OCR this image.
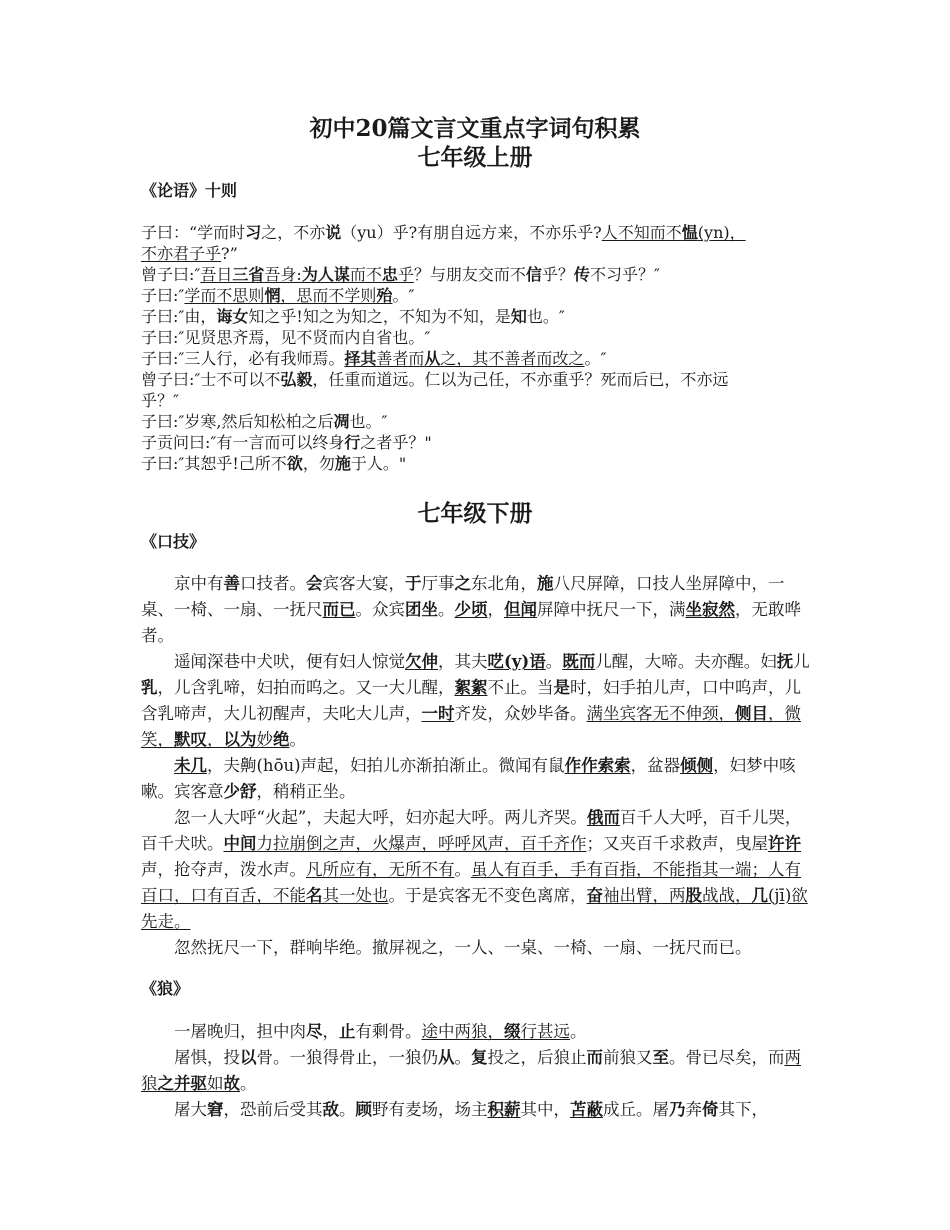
初中20篇文言文重点字词句积累
七年级上册
《论语》十则

子曰：“学而时习之，不亦说（yu）乎?有朋自远方来，不亦乐乎?人不知而不愠(yn)，

不亦君子乎?”

曾子曰:″吾日三省吾身:为人谋而不忠乎？与朋友交而不信乎？传不习乎？″

子曰:″学而不思则惘，思而不学则殆。″

子曰:″由，诲女知之乎!知之为知之，不知为不知，是知也。″

子曰:″见贤思齐焉，见不贤而内自省也。″

子曰:″三人行，必有我师焉。择其善者而从之，其不善者而改之。″

曾子曰:″士不可以不弘毅，任重而道远。仁以为己任，不亦重乎？死而后已，不亦远

乎？″

子曰:″岁寒,然后知松柏之后凋也。″

子贡问曰:″有一言而可以终身行之者乎？"

子曰:″其恕乎!己所不欲，勿施于人。"

七年级下册
《口技》

京中有善口技者。会宾客大宴，于厅事之东北角，施八尺屏障，口技人坐屏障中，一桌、一椅、一扇、一抚尺而已。众宾团坐。少顷，但闻屏障中抚尺一下，满坐寂然，无敢哗者。

遥闻深巷中犬吠，便有妇人惊觉欠伸，其夫呓(y)语。既而儿醒，大啼。夫亦醒。妇抚儿乳，儿含乳啼，妇拍而呜之。又一大儿醒，絮絮不止。当是时，妇手拍儿声，口中呜声，儿含乳啼声，大儿初醒声，夫叱大儿声，一时齐发，众妙毕备。满坐宾客无不伸颈，侧目，微笑，默叹，以为妙绝。

未几，夫齁(hōu)声起，妇拍儿亦渐拍渐止。微闻有鼠作作索索，盆器倾侧，妇梦中咳嗽。宾客意少舒，稍稍正坐。

忽一人大呼“火起”，夫起大呼，妇亦起大呼。两儿齐哭。俄而百千人大呼，百千儿哭，百千犬吠。中间力拉崩倒之声，火爆声，呼呼风声，百千齐作；又夹百千求救声，曳屋许许声，抢夺声，泼水声。凡所应有，无所不有。虽人有百手，手有百指，不能指其一端；人有百口，口有百舌，不能名其一处也。于是宾客无不变色离席，奋袖出臂，两股战战，几(jī)欲先走。

忽然抚尺一下，群响毕绝。撤屏视之，一人、一桌、一椅、一扇、一抚尺而已。

《狼》

一屠晚归，担中肉尽，止有剩骨。途中两狼，缀行甚远。

屠惧，投以骨。一狼得骨止，一狼仍从。复投之，后狼止而前狼又至。骨已尽矣，而两狼之并驱如故。

屠大窘，恐前后受其敌。顾野有麦场，场主积薪其中，苫蔽成丘。屠乃奔倚其下，
